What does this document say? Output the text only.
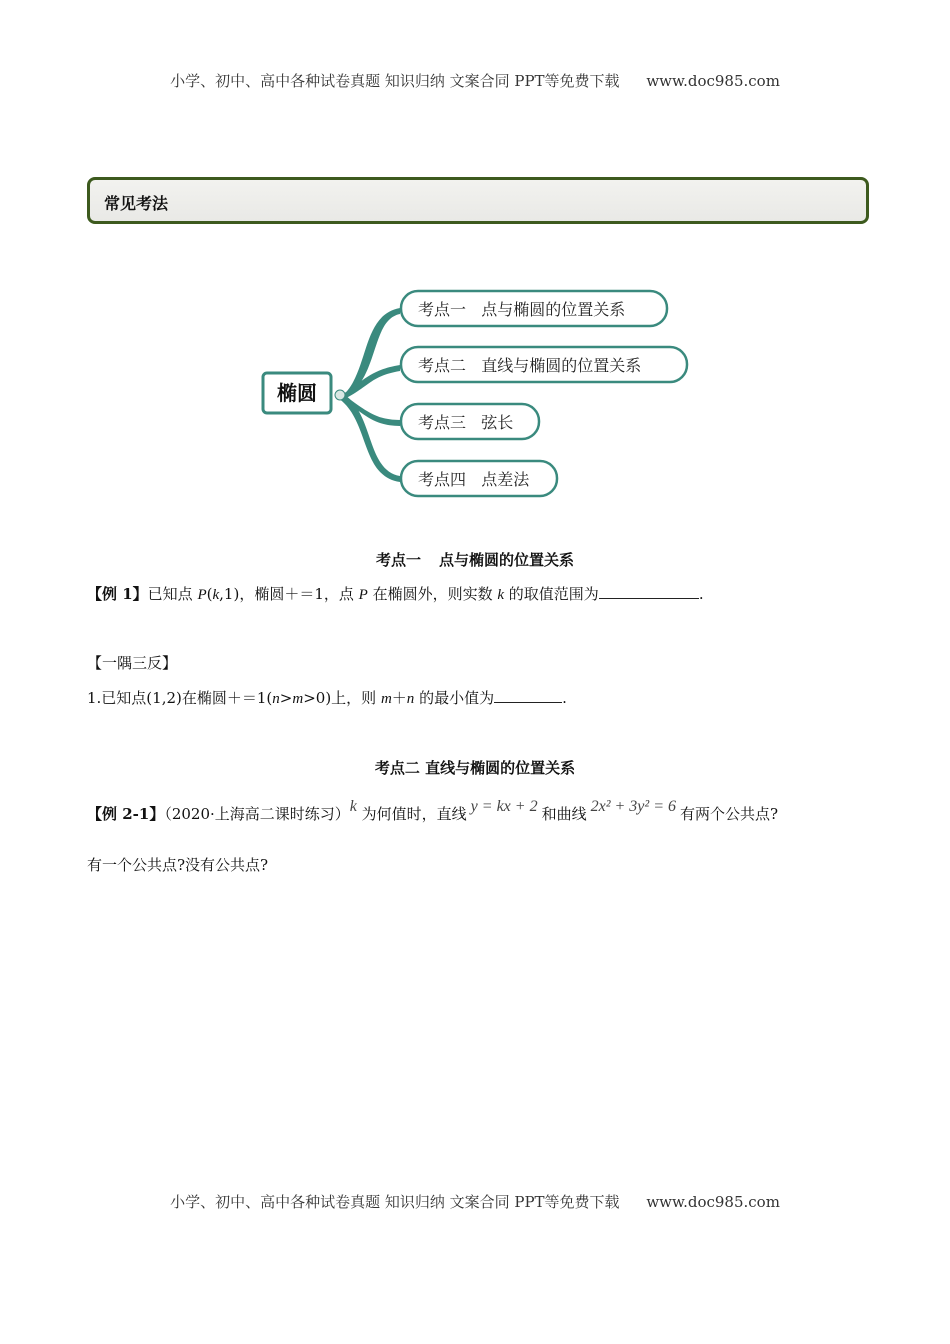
小学、初中、高中各种试卷真题 知识归纳 文案合同 PPT等免费下载 www.doc985.com
常见考法
椭圆
考点一   点与椭圆的位置关系
考点二   直线与椭圆的位置关系
考点三   弦长
考点四   点差法
考点一 点与椭圆的位置关系
【例 1】已知点 P(k,1)，椭圆＋＝1，点 P 在椭圆外，则实数 k 的取值范围为	.
【一隅三反】
1.已知点(1,2)在椭圆＋＝1(n>m>0)上，则 m＋n 的最小值为	.
考点二 直线与椭圆的位置关系
【例 2-1】（2020·上海高二课时练习）k 为何值时，直线 y = kx + 2 和曲线 2x² + 3y² = 6 有两个公共点?
有一个公共点?没有公共点?
小学、初中、高中各种试卷真题 知识归纳 文案合同 PPT等免费下载 www.doc985.com
